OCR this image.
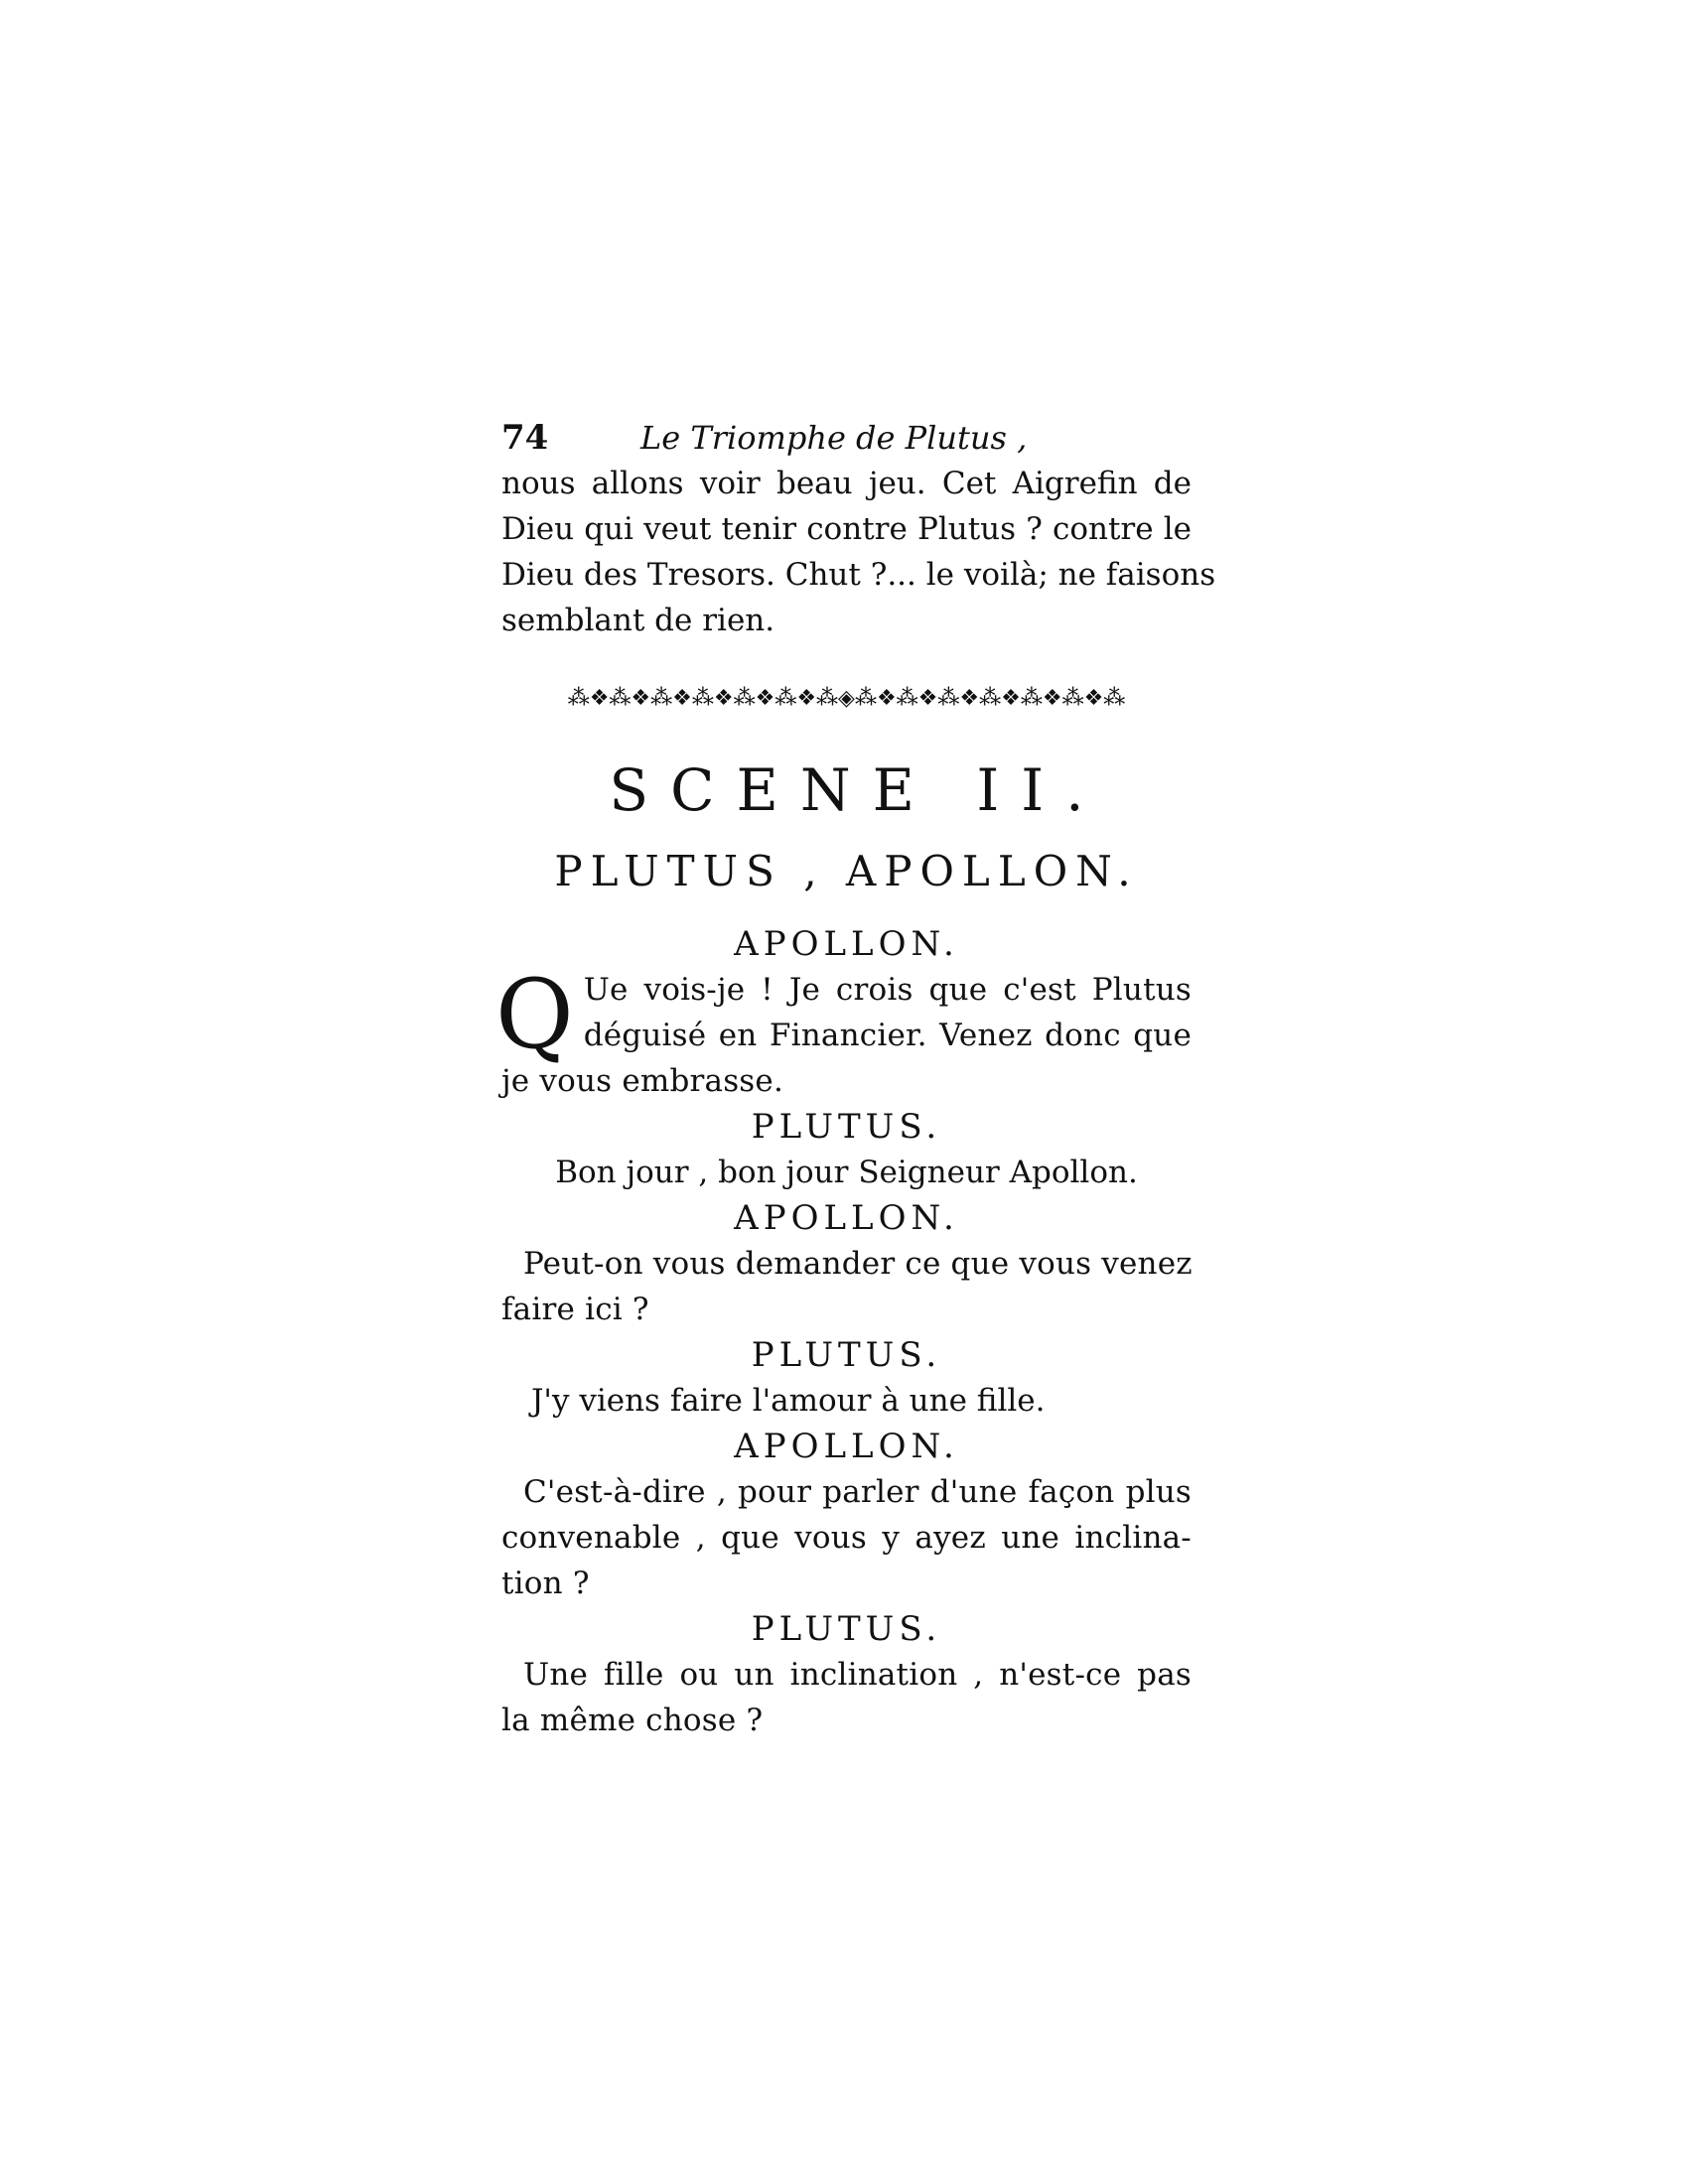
74	Le Triomphe de Plutus ,
nous allons voir beau jeu. Cet Aigrefin de
Dieu qui veut tenir contre Plutus ? contre le
Dieu des Tresors. Chut ?... le voilà; ne faisons
semblant de rien.
⁂❖⁂❖⁂❖⁂❖⁂❖⁂❖⁂◈⁂❖⁂❖⁂❖⁂❖⁂❖⁂❖⁂
SCENE II.
PLUTUS , APOLLON.
APOLLON.
Q Ue vois-je ! Je crois que c'est Plutus
déguisé en Financier. Venez donc que
je vous embrasse.
PLUTUS.
Bon jour , bon jour Seigneur Apollon.
APOLLON.
Peut-on vous demander ce que vous venez
faire ici ?
PLUTUS.
J'y viens faire l'amour à une fille.
APOLLON.
C'est-à-dire , pour parler d'une façon plus
convenable , que vous y ayez une inclina-
tion ?
PLUTUS.
Une fille ou un inclination , n'est-ce pas
la même chose ?
